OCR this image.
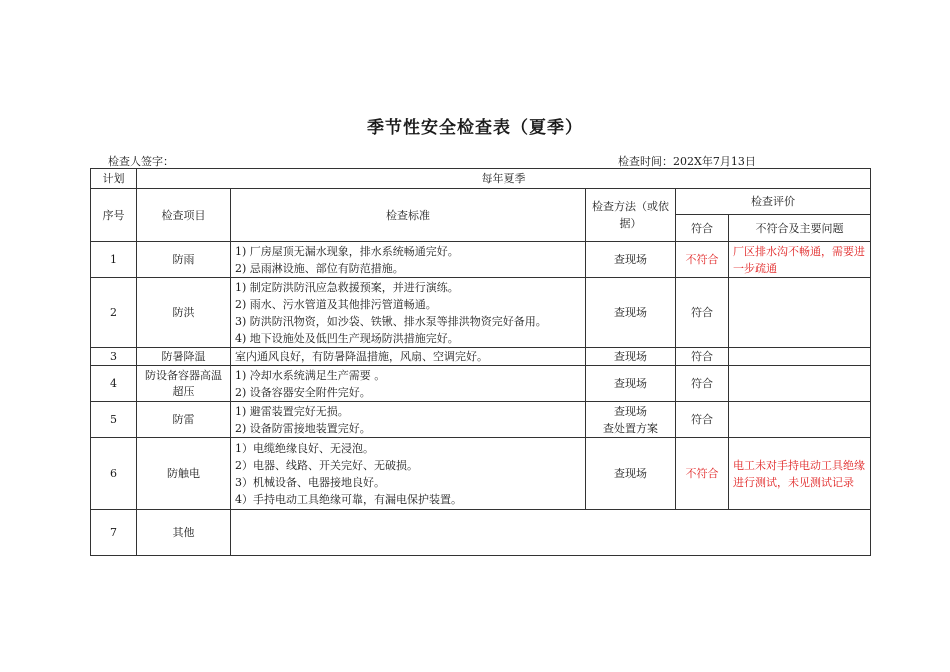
季节性安全检查表（夏季）
检查人签字：	检查时间：202X年7月13日
计划	每年夏季				
序号	检查项目	检查标准	检查方法（或依据）	检查评价	
				符合	不符合及主要问题
1	防雨	1) 厂房屋顶无漏水现象，排水系统畅通完好。
2) 忌雨淋设施、部位有防范措施。	查现场	不符合	厂区排水沟不畅通，需要进一步疏通
2	防洪	1) 制定防洪防汛应急救援预案，并进行演练。
2) 雨水、污水管道及其他排污管道畅通。
3) 防洪防汛物资，如沙袋、铁锹、排水泵等排洪物资完好备用。
4) 地下设施处及低凹生产现场防洪措施完好。	查现场	符合	
3	防暑降温	室内通风良好，有防暑降温措施，风扇、空调完好。	查现场	符合	
4	防设备容器高温超压	1) 冷却水系统满足生产需要 。
2) 设备容器安全附件完好。	查现场	符合	
5	防雷	1) 避雷装置完好无损。
2) 设备防雷接地装置完好。	查现场
查处置方案	符合	
6	防触电	1）电缆绝缘良好、无浸泡。
2）电器、线路、开关完好、无破损。
3）机械设备、电器接地良好。
4）手持电动工具绝缘可靠，有漏电保护装置。	查现场	不符合	电工未对手持电动工具绝缘进行测试，未见测试记录
7	其他				
